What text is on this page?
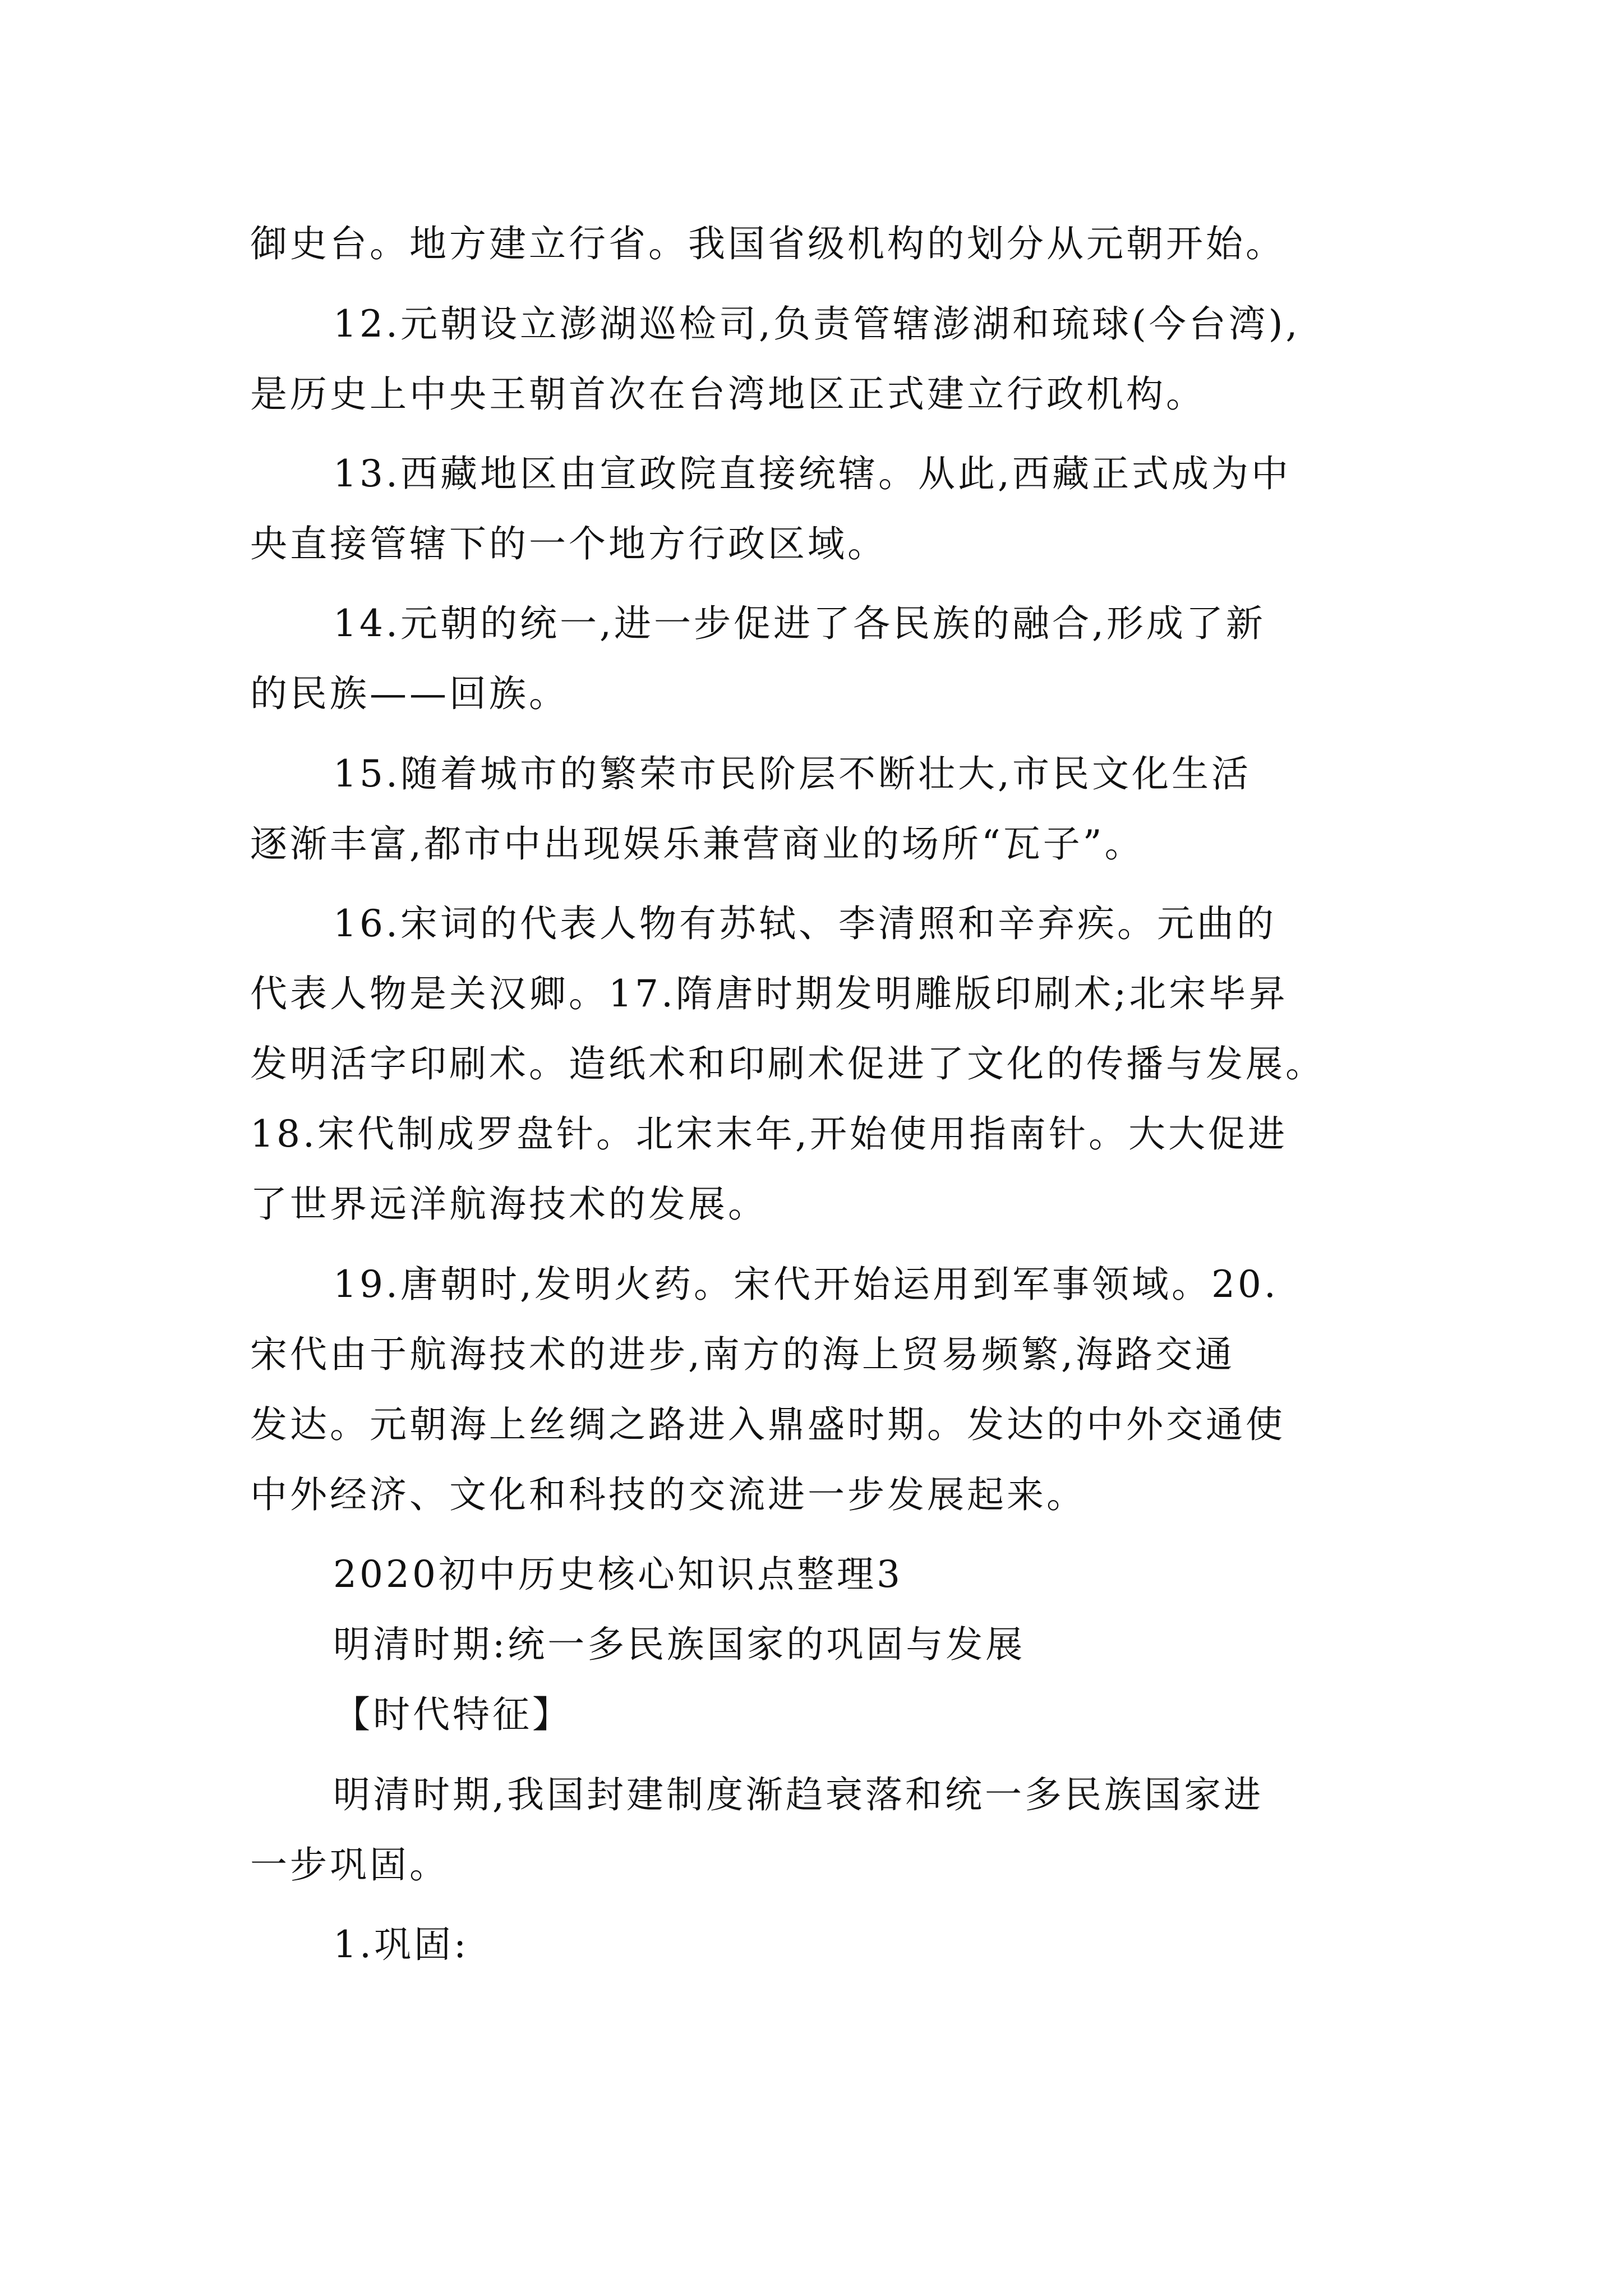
御史台。地方建立行省。我国省级机构的划分从元朝开始。
12.元朝设立澎湖巡检司,负责管辖澎湖和琉球(今台湾),
是历史上中央王朝首次在台湾地区正式建立行政机构。
13.西藏地区由宣政院直接统辖。从此,西藏正式成为中
央直接管辖下的一个地方行政区域。
14.元朝的统一,进一步促进了各民族的融合,形成了新
的民族——回族。
15.随着城市的繁荣市民阶层不断壮大,市民文化生活
逐渐丰富,都市中出现娱乐兼营商业的场所“瓦子”。
16.宋词的代表人物有苏轼、李清照和辛弃疾。元曲的
代表人物是关汉卿。17.隋唐时期发明雕版印刷术;北宋毕昇
发明活字印刷术。造纸术和印刷术促进了文化的传播与发展。
18.宋代制成罗盘针。北宋末年,开始使用指南针。大大促进
了世界远洋航海技术的发展。
19.唐朝时,发明火药。宋代开始运用到军事领域。20.
宋代由于航海技术的进步,南方的海上贸易频繁,海路交通
发达。元朝海上丝绸之路进入鼎盛时期。发达的中外交通使
中外经济、文化和科技的交流进一步发展起来。
2020初中历史核心知识点整理3
明清时期:统一多民族国家的巩固与发展
【时代特征】
明清时期,我国封建制度渐趋衰落和统一多民族国家进
一步巩固。
1.巩固:
